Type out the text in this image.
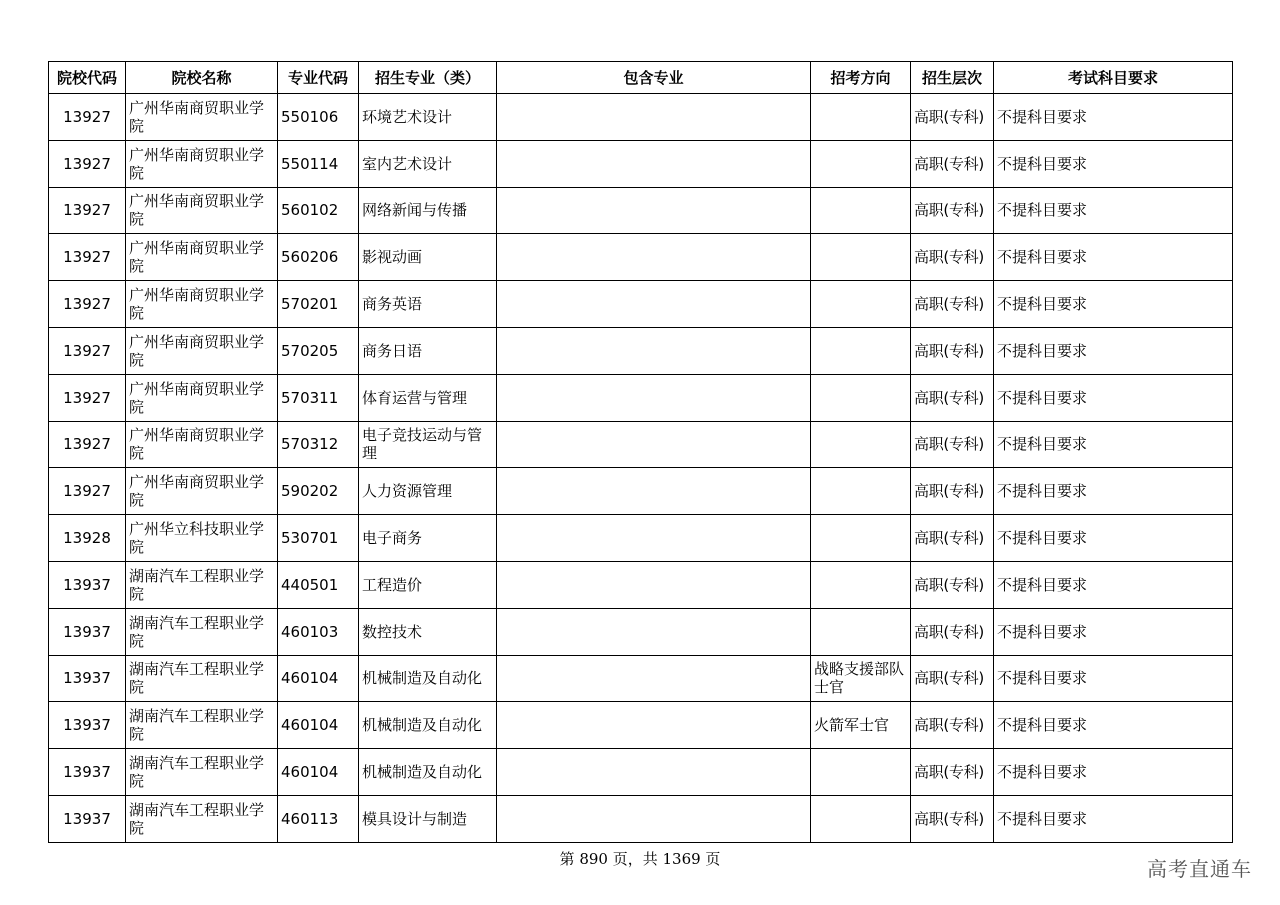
院校代码	院校名称	专业代码	招生专业（类）	包含专业	招考方向	招生层次	考试科目要求
13927	广州华南商贸职业学院	550106	环境艺术设计			高职(专科)	不提科目要求
13927	广州华南商贸职业学院	550114	室内艺术设计			高职(专科)	不提科目要求
13927	广州华南商贸职业学院	560102	网络新闻与传播			高职(专科)	不提科目要求
13927	广州华南商贸职业学院	560206	影视动画			高职(专科)	不提科目要求
13927	广州华南商贸职业学院	570201	商务英语			高职(专科)	不提科目要求
13927	广州华南商贸职业学院	570205	商务日语			高职(专科)	不提科目要求
13927	广州华南商贸职业学院	570311	体育运营与管理			高职(专科)	不提科目要求
13927	广州华南商贸职业学院	570312	电子竞技运动与管理			高职(专科)	不提科目要求
13927	广州华南商贸职业学院	590202	人力资源管理			高职(专科)	不提科目要求
13928	广州华立科技职业学院	530701	电子商务			高职(专科)	不提科目要求
13937	湖南汽车工程职业学院	440501	工程造价			高职(专科)	不提科目要求
13937	湖南汽车工程职业学院	460103	数控技术			高职(专科)	不提科目要求
13937	湖南汽车工程职业学院	460104	机械制造及自动化		战略支援部队士官	高职(专科)	不提科目要求
13937	湖南汽车工程职业学院	460104	机械制造及自动化		火箭军士官	高职(专科)	不提科目要求
13937	湖南汽车工程职业学院	460104	机械制造及自动化			高职(专科)	不提科目要求
13937	湖南汽车工程职业学院	460113	模具设计与制造			高职(专科)	不提科目要求
第 890 页，共 1369 页	高考直通车
